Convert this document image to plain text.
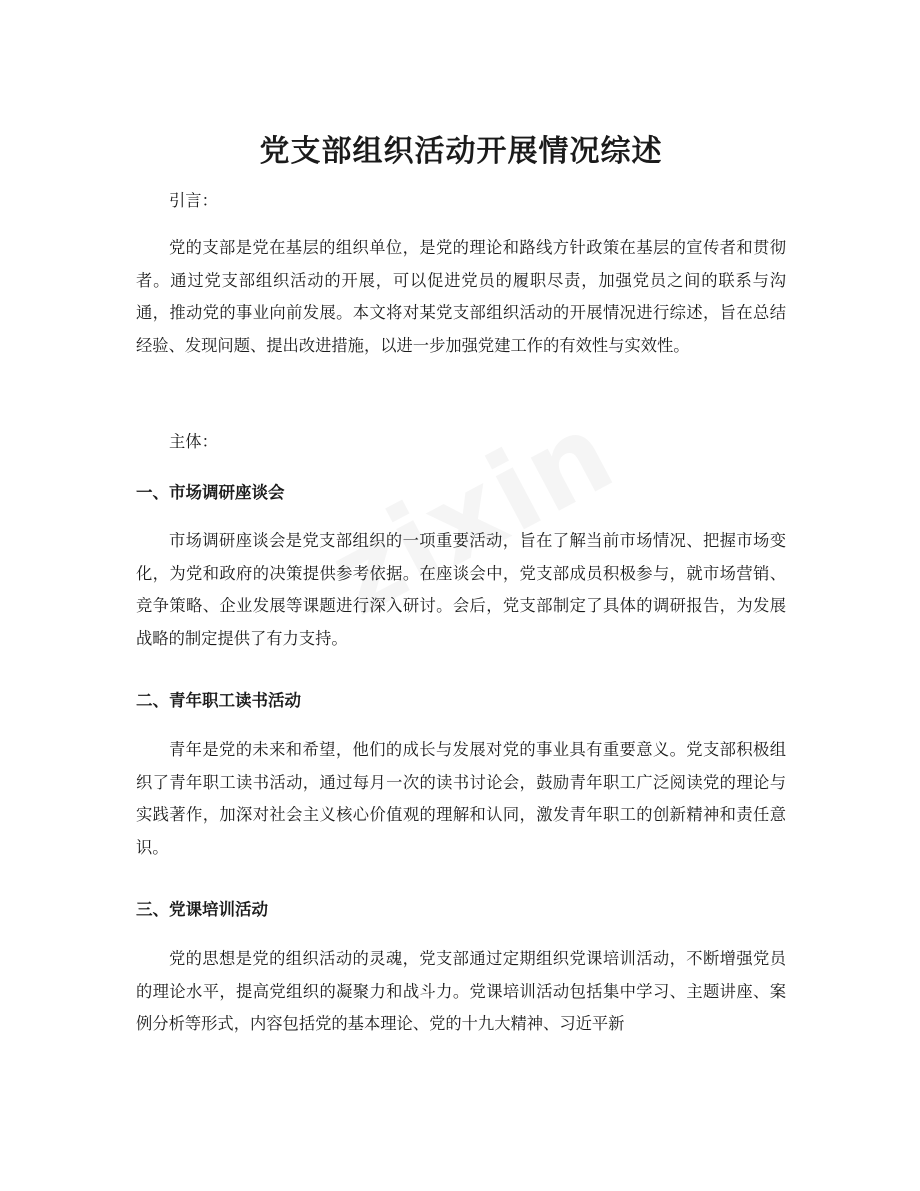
党支部组织活动开展情况综述

引言：

党的支部是党在基层的组织单位，是党的理论和路线方针政策在基层的宣传者和贯彻者。通过党支部组织活动的开展，可以促进党员的履职尽责，加强党员之间的联系与沟通，推动党的事业向前发展。本文将对某党支部组织活动的开展情况进行综述，旨在总结经验、发现问题、提出改进措施，以进一步加强党建工作的有效性与实效性。

主体：

一、市场调研座谈会

市场调研座谈会是党支部组织的一项重要活动，旨在了解当前市场情况、把握市场变化，为党和政府的决策提供参考依据。在座谈会中，党支部成员积极参与，就市场营销、竞争策略、企业发展等课题进行深入研讨。会后，党支部制定了具体的调研报告，为发展战略的制定提供了有力支持。

二、青年职工读书活动

青年是党的未来和希望，他们的成长与发展对党的事业具有重要意义。党支部积极组织了青年职工读书活动，通过每月一次的读书讨论会，鼓励青年职工广泛阅读党的理论与实践著作，加深对社会主义核心价值观的理解和认同，激发青年职工的创新精神和责任意识。

三、党课培训活动

党的思想是党的组织活动的灵魂，党支部通过定期组织党课培训活动，不断增强党员的理论水平，提高党组织的凝聚力和战斗力。党课培训活动包括集中学习、主题讲座、案例分析等形式，内容包括党的基本理论、党的十九大精神、习近平新
